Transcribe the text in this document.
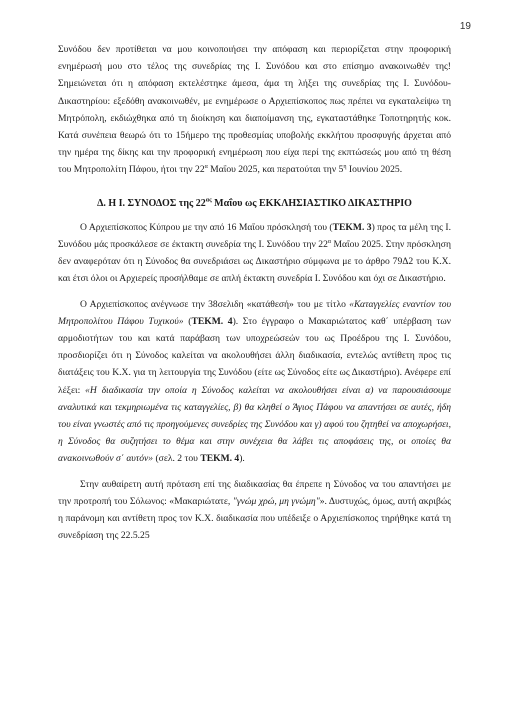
19

Συνόδου δεν προτίθεται να μου κοινοποιήσει την απόφαση και περιορίζεται στην προφορική ενημέρωσή μου στο τέλος της συνεδρίας της Ι. Συνόδου και στο επίσημο ανακοινωθέν της! Σημειώνεται ότι η απόφαση εκτελέστηκε άμεσα, άμα τη λήξει της συνεδρίας της Ι. Συνόδου-Δικαστηρίου: εξεδόθη ανακοινωθέν, με ενημέρωσε ο Αρχιεπίσκοπος πως πρέπει να εγκαταλείψω τη Μητρόπολη, εκδιώχθηκα από τη διοίκηση και διαποίμανση της, εγκαταστάθηκε Τοποτηρητής κοκ. Κατά συνέπεια θεωρώ ότι το 15ήμερο της προθεσμίας υποβολής εκκλήτου προσφυγής άρχεται από την ημέρα της δίκης και την προφορική ενημέρωση που είχα περί της εκπτώσεώς μου από τη θέση του Μητροπολίτη Πάφου, ήτοι την $22^\alpha$ Μαΐου 2025, και περατούται την $5^\eta$ Ιουνίου 2025.

Δ. Η Ι. ΣΥΝΟΔΟΣ της $22^{\alpha\varsigma}$ Μαΐου ως ΕΚΚΛΗΣΙΑΣΤΙΚΟ ΔΙΚΑΣΤΗΡΙΟ

Ο Αρχιεπίσκοπος Κύπρου με την από 16 Μαΐου πρόσκλησή του (ΤΕΚΜ. 3) προς τα μέλη της Ι. Συνόδου μάς προσκάλεσε σε έκτακτη συνεδρία της Ι. Συνόδου την $22^\alpha$ Μαΐου 2025. Στην πρόσκληση δεν αναφερόταν ότι η Σύνοδος θα συνεδριάσει ως Δικαστήριο σύμφωνα με το άρθρο 79Δ2 του Κ.Χ. και έτσι όλοι οι Αρχιερείς προσήλθαμε σε απλή έκτακτη συνεδρία Ι. Συνόδου και όχι σε Δικαστήριο.

Ο Αρχιεπίσκοπος ανέγνωσε την 38σελιδη «κατάθεσή» του με τίτλο «Καταγγελίες εναντίον του Μητροπολίτου Πάφου Τυχικού» (ΤΕΚΜ. 4). Στο έγγραφο ο Μακαριώτατος καθ΄ υπέρβαση των αρμοδιοτήτων του και κατά παράβαση των υποχρεώσεών του ως Προέδρου της Ι. Συνόδου, προσδιορίζει ότι η Σύνοδος καλείται να ακολουθήσει άλλη διαδικασία, εντελώς αντίθετη προς τις διατάξεις του Κ.Χ. για τη λειτουργία της Συνόδου (είτε ως Σύνοδος είτε ως Δικαστήριο). Ανέφερε επί λέξει: «Η διαδικασία την οποία η Σύνοδος καλείται να ακολουθήσει είναι α) να παρουσιάσουμε αναλυτικά και τεκμηριωμένα τις καταγγελίες, β) θα κληθεί ο Άγιος Πάφου να απαντήσει σε αυτές, ήδη του είναι γνωστές από τις προηγούμενες συνεδρίες της Συνόδου και γ) αφού του ζητηθεί να αποχωρήσει, η Σύνοδος θα συζητήσει το θέμα και στην συνέχεια θα λάβει τις αποφάσεις της, οι οποίες θα ανακοινωθούν σ΄ αυτόν» (σελ. 2 του ΤΕΚΜ. 4).

Στην αυθαίρετη αυτή πρόταση επί της διαδικασίας θα έπρεπε η Σύνοδος να του απαντήσει με την προτροπή του Σόλωνος: «Μακαριώτατε, "γνώμ χρώ, μη γνώμη"». Δυστυχώς, όμως, αυτή ακριβώς η παράνομη και αντίθετη προς τον Κ.Χ. διαδικασία που υπέδειξε ο Αρχιεπίσκοπος τηρήθηκε κατά τη συνεδρίαση της 22.5.25
